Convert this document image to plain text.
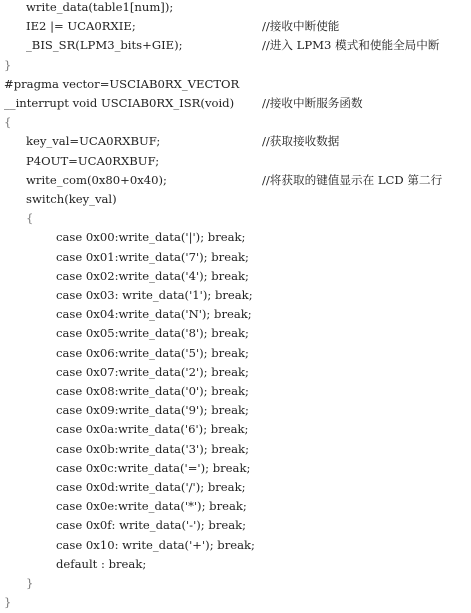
write_data(table1[num]);
IE2 |= UCA0RXIE;	//接收中断使能
_BIS_SR(LPM3_bits+GIE);	//进入 LPM3 模式和使能全局中断
}
#pragma vector=USCIAB0RX_VECTOR
__interrupt void USCIAB0RX_ISR(void) //接收中断服务函数
{
key_val=UCA0RXBUF;	//获取接收数据
P4OUT=UCA0RXBUF;
write_com(0x80+0x40);	//将获取的键值显示在 LCD 第二行
switch(key_val)
{
case 0x00:write_data('|'); break;
case 0x01:write_data('7'); break;
case 0x02:write_data('4'); break;
case 0x03: write_data('1'); break;
case 0x04:write_data('N'); break;
case 0x05:write_data('8'); break;
case 0x06:write_data('5'); break;
case 0x07:write_data('2'); break;
case 0x08:write_data('0'); break;
case 0x09:write_data('9'); break;
case 0x0a:write_data('6'); break;
case 0x0b:write_data('3'); break;
case 0x0c:write_data('='); break;
case 0x0d:write_data('/'); break;
case 0x0e:write_data('*'); break;
case 0x0f: write_data('-'); break;
case 0x10: write_data('+'); break;
default : break;
}
}
